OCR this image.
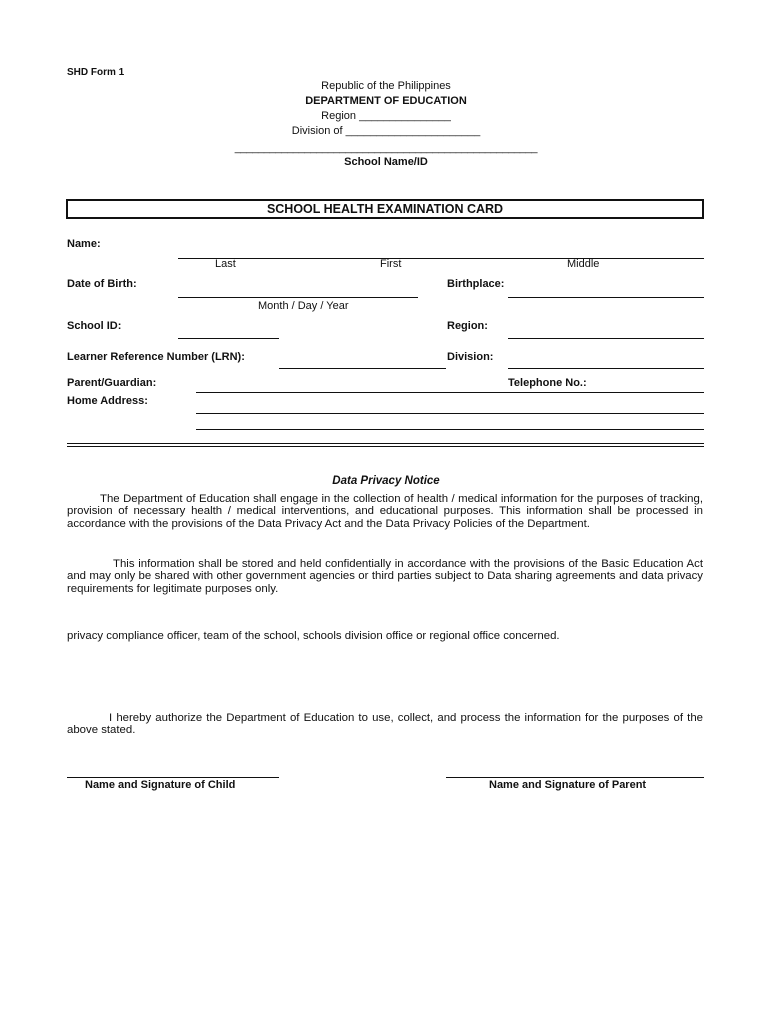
SHD Form 1
Republic of the Philippines
DEPARTMENT OF EDUCATION
Region _______________
Division of ______________________
____________________________________________________
School Name/ID
SCHOOL HEALTH EXAMINATION CARD
Name:
Last	First	Middle
Date of Birth:
Month / Day / Year
Birthplace:
School ID:	Region:
Learner Reference Number (LRN):	Division:
Parent/Guardian:	Telephone No.:
Home Address:
Data Privacy Notice
The Department of Education shall engage in the collection of health / medical information for the purposes of tracking, provision of necessary health / medical interventions, and educational purposes. This information shall be processed in accordance with the provisions of the Data Privacy Act and the Data Privacy Policies of the Department.
This information shall be stored and held confidentially in accordance with the provisions of the Basic Education Act and may only be shared with other government agencies or third parties subject to Data sharing agreements and data privacy requirements for legitimate purposes only.
privacy compliance officer, team of the school, schools division office or regional office concerned.
I hereby authorize the Department of Education to use, collect, and process the information for the purposes of the above stated.
Name and Signature of Child	Name and Signature of Parent
